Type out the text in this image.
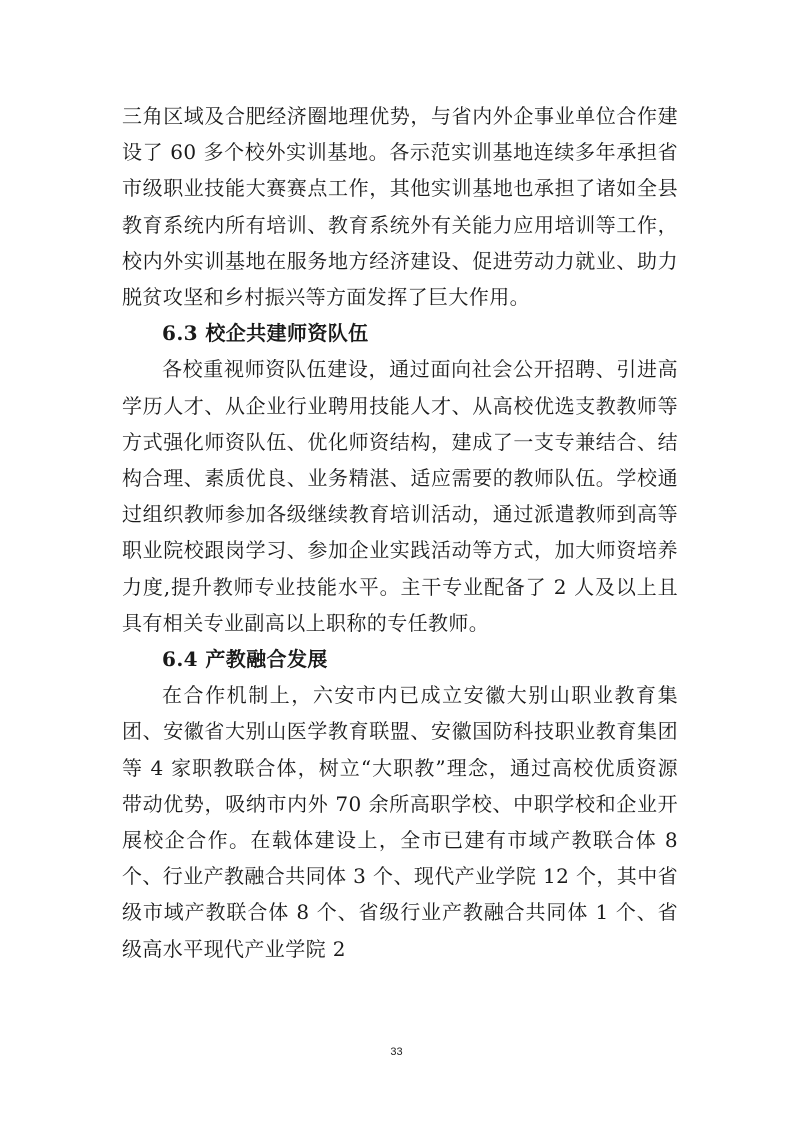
三角区域及合肥经济圈地理优势，与省内外企事业单位合作建设了 60 多个校外实训基地。各示范实训基地连续多年承担省市级职业技能大赛赛点工作，其他实训基地也承担了诸如全县教育系统内所有培训、教育系统外有关能力应用培训等工作，校内外实训基地在服务地方经济建设、促进劳动力就业、助力脱贫攻坚和乡村振兴等方面发挥了巨大作用。

6.3 校企共建师资队伍

各校重视师资队伍建设，通过面向社会公开招聘、引进高学历人才、从企业行业聘用技能人才、从高校优选支教教师等方式强化师资队伍、优化师资结构，建成了一支专兼结合、结构合理、素质优良、业务精湛、适应需要的教师队伍。学校通过组织教师参加各级继续教育培训活动，通过派遣教师到高等职业院校跟岗学习、参加企业实践活动等方式，加大师资培养力度,提升教师专业技能水平。主干专业配备了 2 人及以上且具有相关专业副高以上职称的专任教师。

6.4 产教融合发展

在合作机制上，六安市内已成立安徽大别山职业教育集团、安徽省大别山医学教育联盟、安徽国防科技职业教育集团等 4 家职教联合体，树立“大职教”理念，通过高校优质资源带动优势，吸纳市内外 70 余所高职学校、中职学校和企业开展校企合作。在载体建设上，全市已建有市域产教联合体 8 个、行业产教融合共同体 3 个、现代产业学院 12 个，其中省级市域产教联合体 8 个、省级行业产教融合共同体 1 个、省级高水平现代产业学院 2

33
